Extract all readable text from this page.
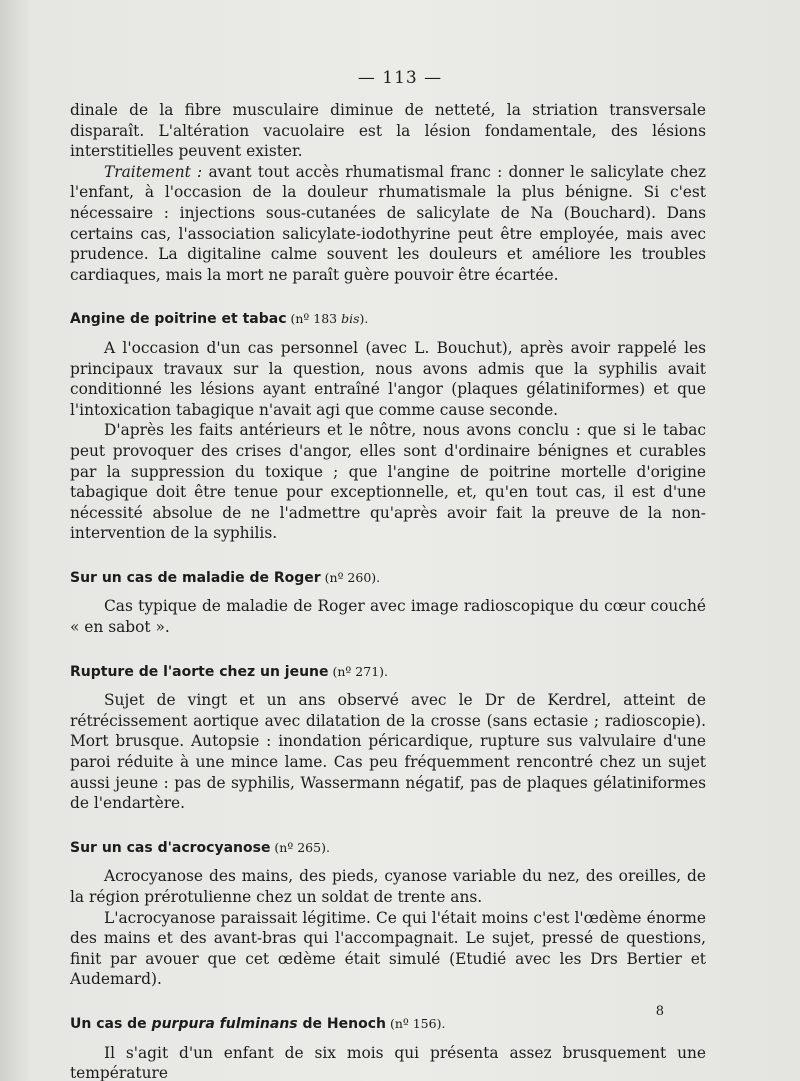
— 113 —

dinale de la fibre musculaire diminue de netteté, la striation transversale disparaît. L'altération vacuolaire est la lésion fondamentale, des lésions interstitielles peuvent exister.

Traitement : avant tout accès rhumatismal franc : donner le salicylate chez l'enfant, à l'occasion de la douleur rhumatismale la plus bénigne. Si c'est nécessaire : injections sous-cutanées de salicylate de Na (Bouchard). Dans certains cas, l'association salicylate-iodothyrine peut être employée, mais avec prudence. La digitaline calme souvent les douleurs et améliore les troubles cardiaques, mais la mort ne paraît guère pouvoir être écartée.

Angine de poitrine et tabac (nº 183 bis).

A l'occasion d'un cas personnel (avec L. Bouchut), après avoir rappelé les principaux travaux sur la question, nous avons admis que la syphilis avait conditionné les lésions ayant entraîné l'angor (plaques gélatiniformes) et que l'intoxication tabagique n'avait agi que comme cause seconde.

D'après les faits antérieurs et le nôtre, nous avons conclu : que si le tabac peut provoquer des crises d'angor, elles sont d'ordinaire bénignes et curables par la suppression du toxique ; que l'angine de poitrine mortelle d'origine tabagique doit être tenue pour exceptionnelle, et, qu'en tout cas, il est d'une nécessité absolue de ne l'admettre qu'après avoir fait la preuve de la non-intervention de la syphilis.

Sur un cas de maladie de Roger (nº 260).

Cas typique de maladie de Roger avec image radioscopique du cœur couché « en sabot ».

Rupture de l'aorte chez un jeune (nº 271).

Sujet de vingt et un ans observé avec le Dr de Kerdrel, atteint de rétrécissement aortique avec dilatation de la crosse (sans ectasie ; radioscopie). Mort brusque. Autopsie : inondation péricardique, rupture sus valvulaire d'une paroi réduite à une mince lame. Cas peu fréquemment rencontré chez un sujet aussi jeune : pas de syphilis, Wassermann négatif, pas de plaques gélatiniformes de l'endartère.

Sur un cas d'acrocyanose (nº 265).

Acrocyanose des mains, des pieds, cyanose variable du nez, des oreilles, de la région prérotulienne chez un soldat de trente ans.

L'acrocyanose paraissait légitime. Ce qui l'était moins c'est l'œdème énorme des mains et des avant-bras qui l'accompagnait. Le sujet, pressé de questions, finit par avouer que cet œdème était simulé (Etudié avec les Drs Bertier et Audemard).

Un cas de purpura fulminans de Henoch (nº 156).

Il s'agit d'un enfant de six mois qui présenta assez brusquement une température

8
